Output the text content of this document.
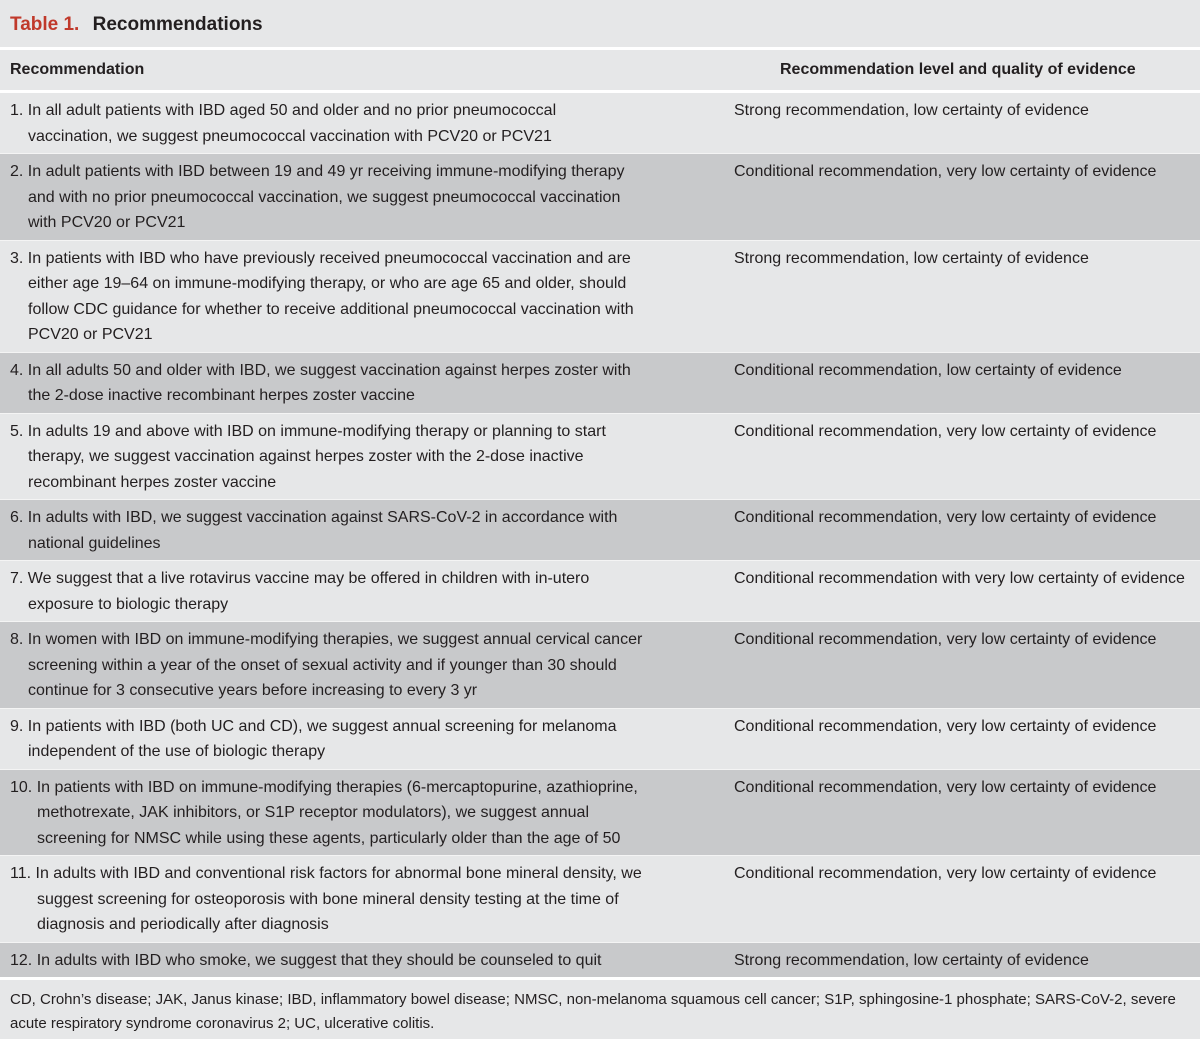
Table 1. Recommendations
Recommendation	Recommendation level and quality of evidence

1. In all adult patients with IBD aged 50 and older and no prior pneumococcal vaccination, we suggest pneumococcal vaccination with PCV20 or PCV21	Strong recommendation, low certainty of evidence

2. In adult patients with IBD between 19 and 49 yr receiving immune-modifying therapy and with no prior pneumococcal vaccination, we suggest pneumococcal vaccination with PCV20 or PCV21	Conditional recommendation, very low certainty of evidence

3. In patients with IBD who have previously received pneumococcal vaccination and are either age 19–64 on immune-modifying therapy, or who are age 65 and older, should follow CDC guidance for whether to receive additional pneumococcal vaccination with PCV20 or PCV21	Strong recommendation, low certainty of evidence

4. In all adults 50 and older with IBD, we suggest vaccination against herpes zoster with the 2-dose inactive recombinant herpes zoster vaccine	Conditional recommendation, low certainty of evidence

5. In adults 19 and above with IBD on immune-modifying therapy or planning to start therapy, we suggest vaccination against herpes zoster with the 2-dose inactive recombinant herpes zoster vaccine	Conditional recommendation, very low certainty of evidence

6. In adults with IBD, we suggest vaccination against SARS-CoV-2 in accordance with national guidelines	Conditional recommendation, very low certainty of evidence

7. We suggest that a live rotavirus vaccine may be offered in children with in-utero exposure to biologic therapy	Conditional recommendation with very low certainty of evidence

8. In women with IBD on immune-modifying therapies, we suggest annual cervical cancer screening within a year of the onset of sexual activity and if younger than 30 should continue for 3 consecutive years before increasing to every 3 yr	Conditional recommendation, very low certainty of evidence

9. In patients with IBD (both UC and CD), we suggest annual screening for melanoma independent of the use of biologic therapy	Conditional recommendation, very low certainty of evidence

10. In patients with IBD on immune-modifying therapies (6-mercaptopurine, azathioprine, methotrexate, JAK inhibitors, or S1P receptor modulators), we suggest annual screening for NMSC while using these agents, particularly older than the age of 50	Conditional recommendation, very low certainty of evidence

11. In adults with IBD and conventional risk factors for abnormal bone mineral density, we suggest screening for osteoporosis with bone mineral density testing at the time of diagnosis and periodically after diagnosis	Conditional recommendation, very low certainty of evidence

12. In adults with IBD who smoke, we suggest that they should be counseled to quit	Strong recommendation, low certainty of evidence
CD, Crohn’s disease; JAK, Janus kinase; IBD, inflammatory bowel disease; NMSC, non-melanoma squamous cell cancer; S1P, sphingosine-1 phosphate; SARS-CoV-2, severe acute respiratory syndrome coronavirus 2; UC, ulcerative colitis.
